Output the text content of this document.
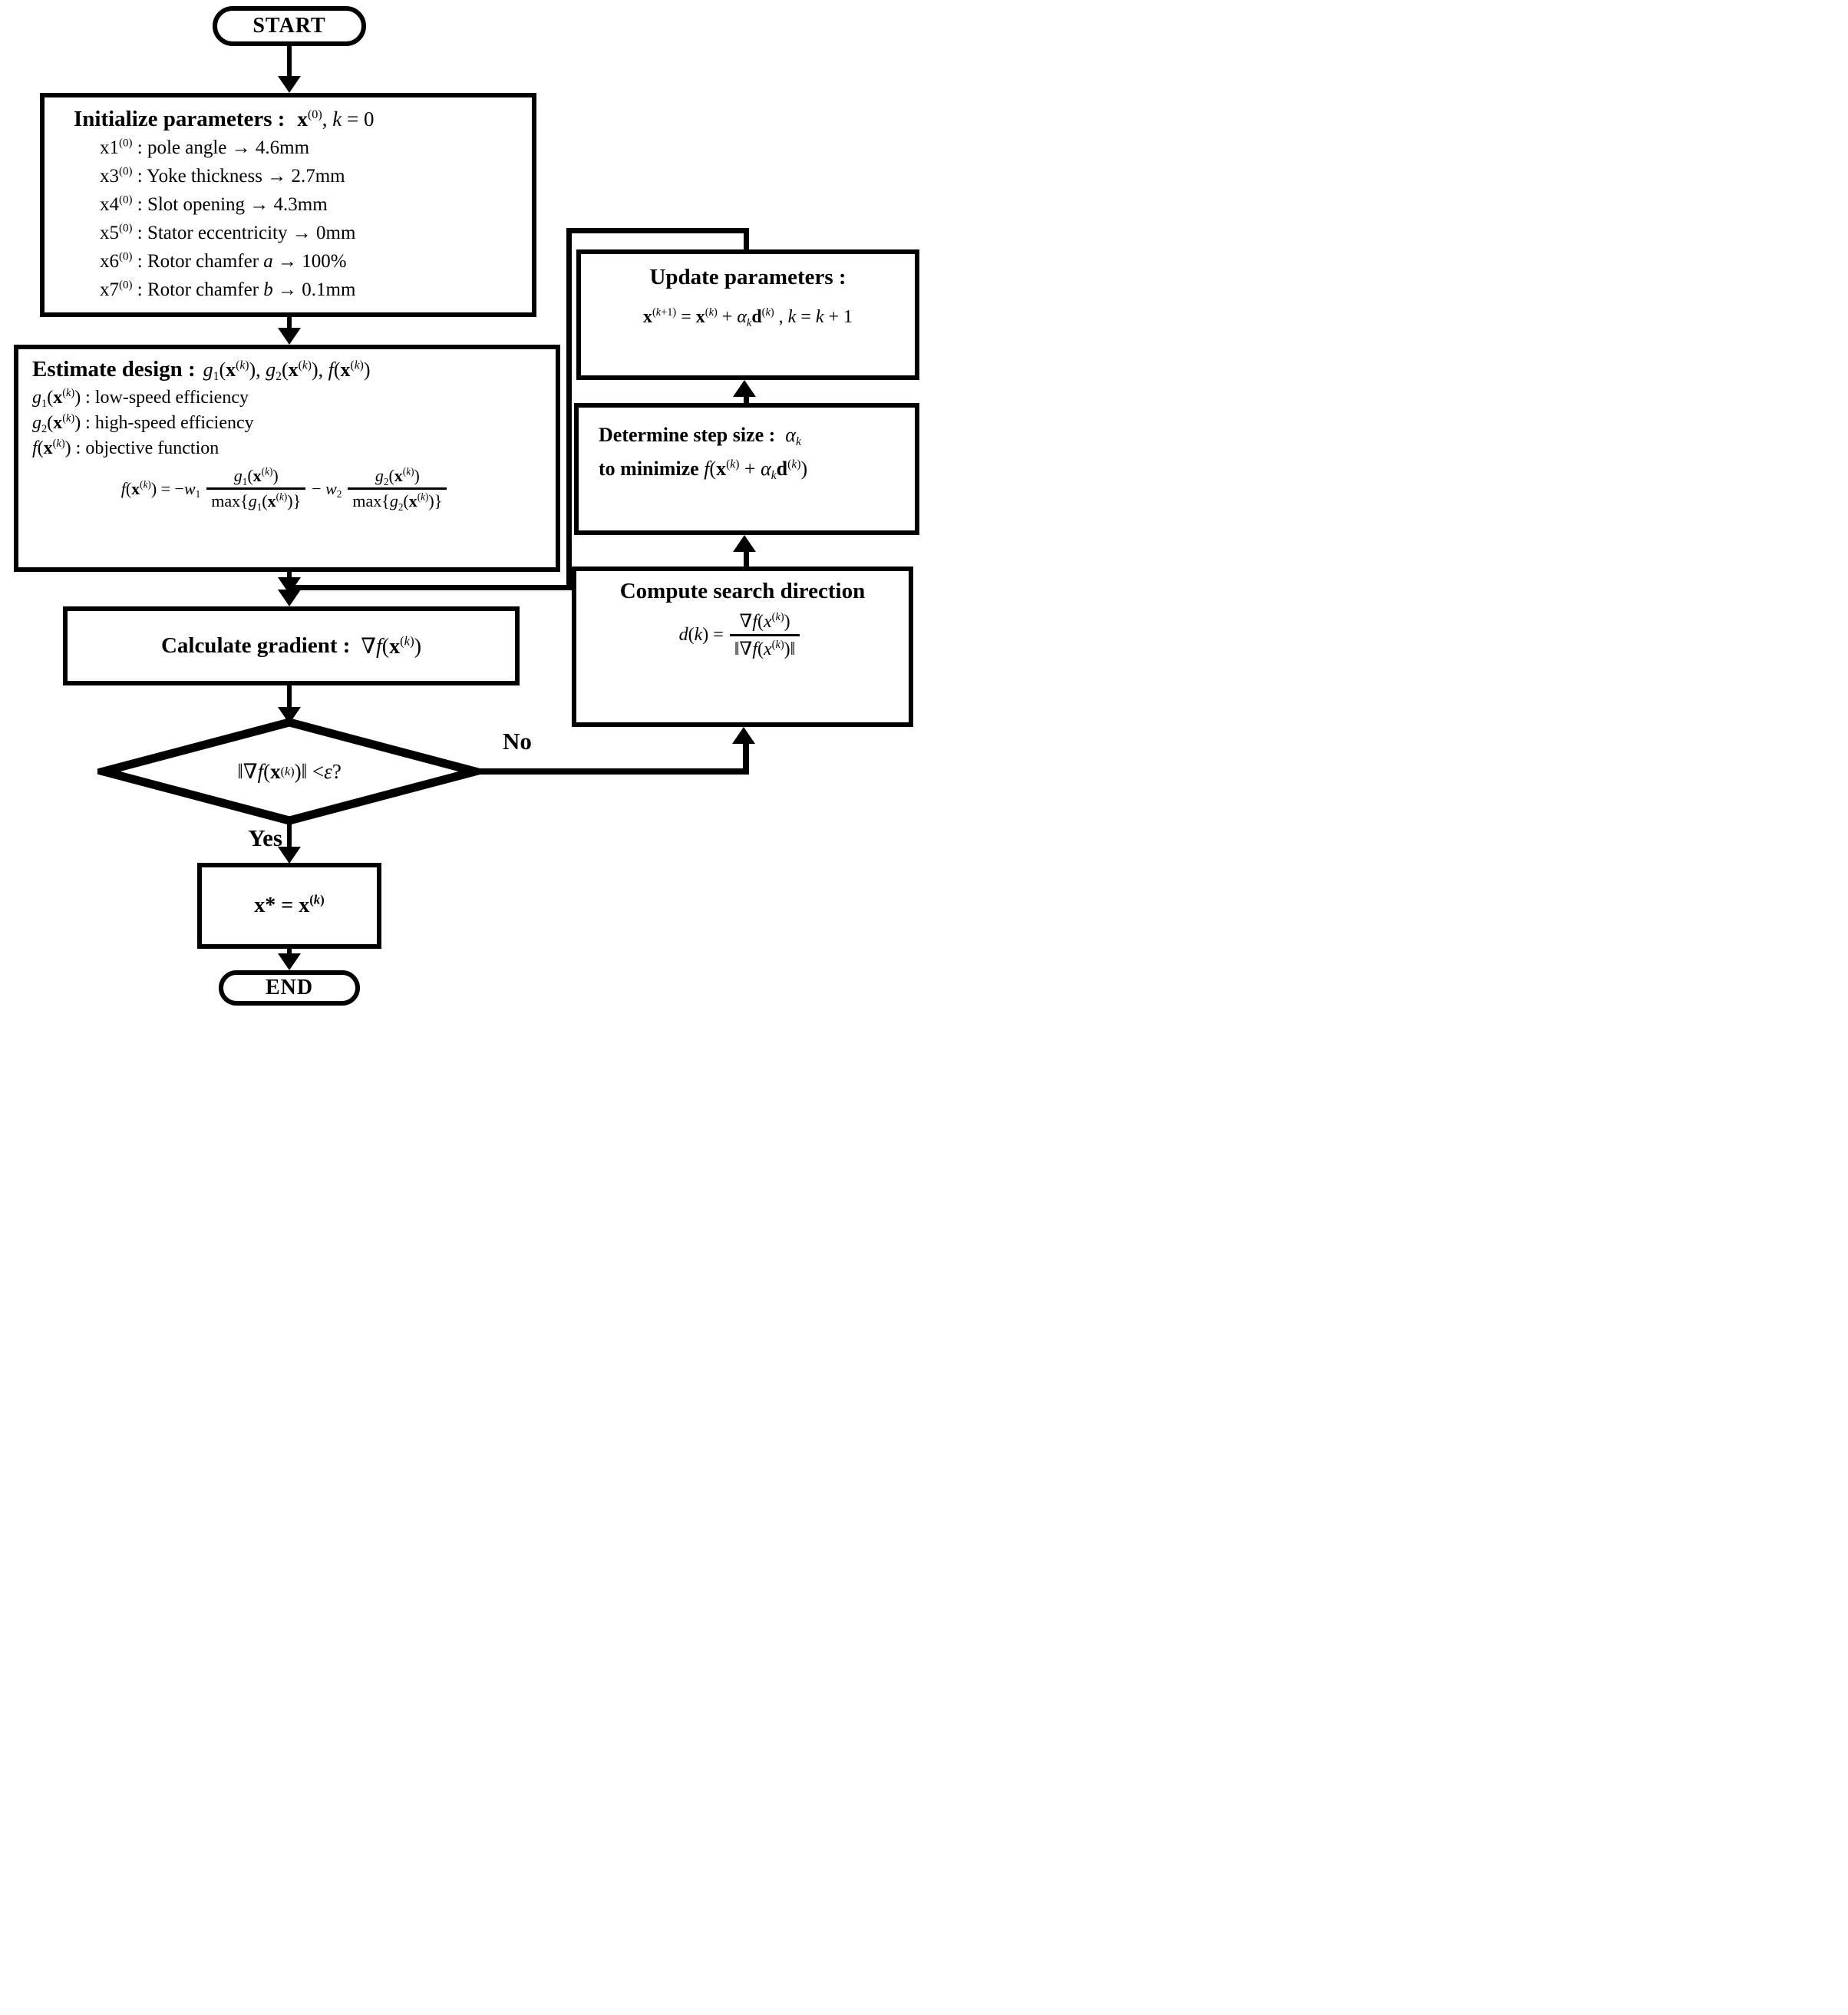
START
Initialize parameters : $x^{(0)}$, k = 0
x1$^{(0)}$ : pole angle → 4.6mm
x3$^{(0)}$ : Yoke thickness → 2.7mm
x4$^{(0)}$ : Slot opening → 4.3mm
x5$^{(0)}$ : Stator eccentricity → 0mm
x6$^{(0)}$ : Rotor chamfer a → 100%
x7$^{(0)}$ : Rotor chamfer b → 0.1mm
Estimate design : $g_1(x^{(k)})$, $g_2(x^{(k)})$, $f(x^{(k)})$
$g_1(x^{(k)})$ : low-speed efficiency
$g_2(x^{(k)})$ : high-speed efficiency
$f(x^{(k)})$ : objective function
$f(x^{(k)}) = -w_1 \frac{g_1(x^{(k)})}{\max\{g_1(x^{(k)})\}} - w_2 \frac{g_2(x^{(k)})}{\max\{g_2(x^{(k)})\}}$
Calculate gradient : $\nabla f(x^{(k)})$
‖∇ f ( x (k) )‖ < ε ?
Yes
No
$x* = x^{(k)}$
END
Update parameters :
$x^{(k+1)} = x^{(k)} + \alpha_kd^{(k)}$ , k = k + 1
Determine step size : $\alpha_k$
to minimize $f(x^{(k)} + \alpha_kd^{(k)})$
Compute search direction
$d(k) = \frac{\nabla f(x^{(k)})}{‖\nabla f(x^{(k)})‖}$
